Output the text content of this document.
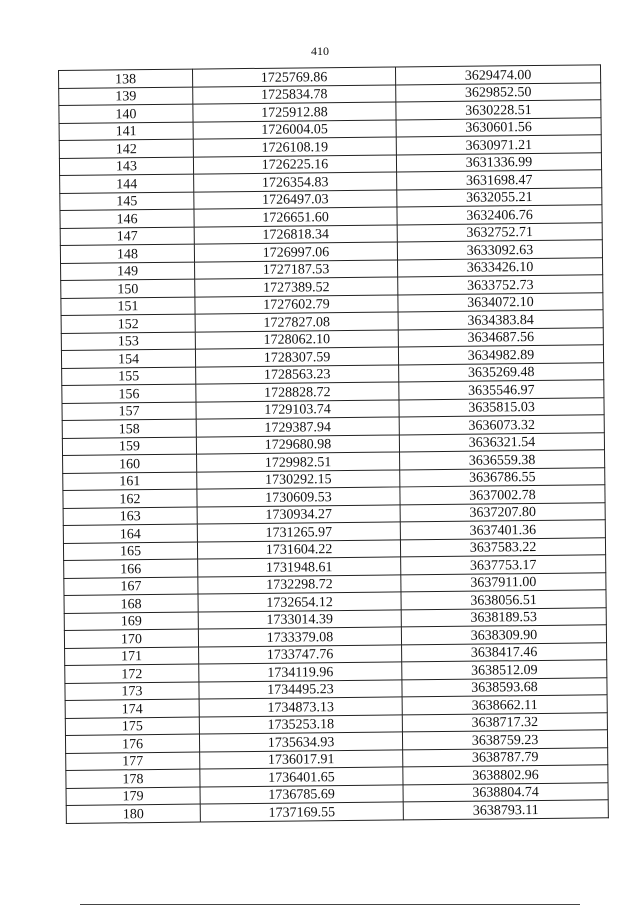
410
138	1725769.86	3629474.00
139	1725834.78	3629852.50
140	1725912.88	3630228.51
141	1726004.05	3630601.56
142	1726108.19	3630971.21
143	1726225.16	3631336.99
144	1726354.83	3631698.47
145	1726497.03	3632055.21
146	1726651.60	3632406.76
147	1726818.34	3632752.71
148	1726997.06	3633092.63
149	1727187.53	3633426.10
150	1727389.52	3633752.73
151	1727602.79	3634072.10
152	1727827.08	3634383.84
153	1728062.10	3634687.56
154	1728307.59	3634982.89
155	1728563.23	3635269.48
156	1728828.72	3635546.97
157	1729103.74	3635815.03
158	1729387.94	3636073.32
159	1729680.98	3636321.54
160	1729982.51	3636559.38
161	1730292.15	3636786.55
162	1730609.53	3637002.78
163	1730934.27	3637207.80
164	1731265.97	3637401.36
165	1731604.22	3637583.22
166	1731948.61	3637753.17
167	1732298.72	3637911.00
168	1732654.12	3638056.51
169	1733014.39	3638189.53
170	1733379.08	3638309.90
171	1733747.76	3638417.46
172	1734119.96	3638512.09
173	1734495.23	3638593.68
174	1734873.13	3638662.11
175	1735253.18	3638717.32
176	1735634.93	3638759.23
177	1736017.91	3638787.79
178	1736401.65	3638802.96
179	1736785.69	3638804.74
180	1737169.55	3638793.11
